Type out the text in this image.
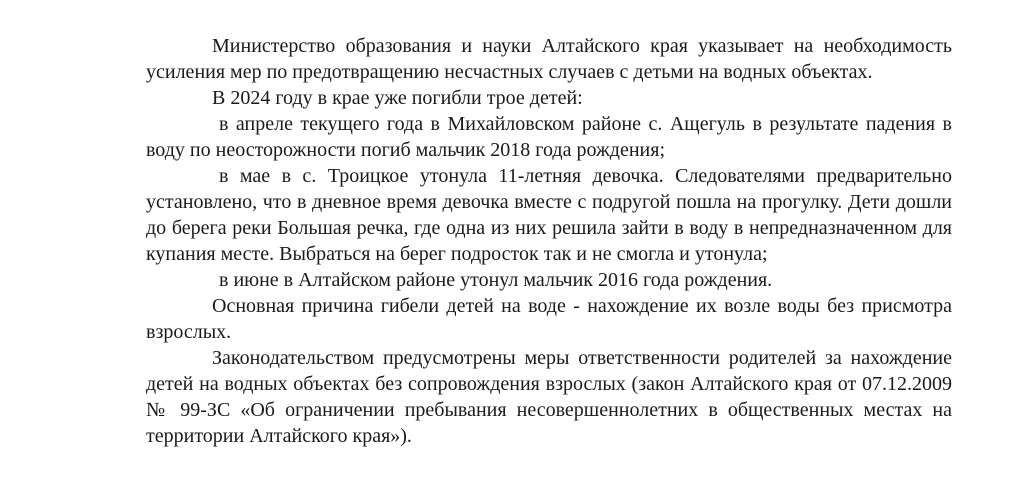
Министерство образования и науки Алтайского края указывает на необходимость усиления мер по предотвращению несчастных случаев с детьми на водных объектах.

В 2024 году в крае уже погибли трое детей:

в апреле текущего года в Михайловском районе с. Ащегуль в результате падения в воду по неосторожности погиб мальчик 2018 года рождения;

в мае в с. Троицкое утонула 11-летняя девочка. Следователями предварительно установлено, что в дневное время девочка вместе с подругой пошла на прогулку. Дети дошли до берега реки Большая речка, где одна из них решила зайти в воду в непредназначенном для купания месте. Выбраться на берег подросток так и не смогла и утонула;

в июне в Алтайском районе утонул мальчик 2016 года рождения.

Основная причина гибели детей на воде - нахождение их возле воды без присмотра взрослых.

Законодательством предусмотрены меры ответственности родителей за нахождение детей на водных объектах без сопровождения взрослых (закон Алтайского края от 07.12.2009 № 99-ЗС «Об ограничении пребывания несовершеннолетних в общественных местах на территории Алтайского края»).
